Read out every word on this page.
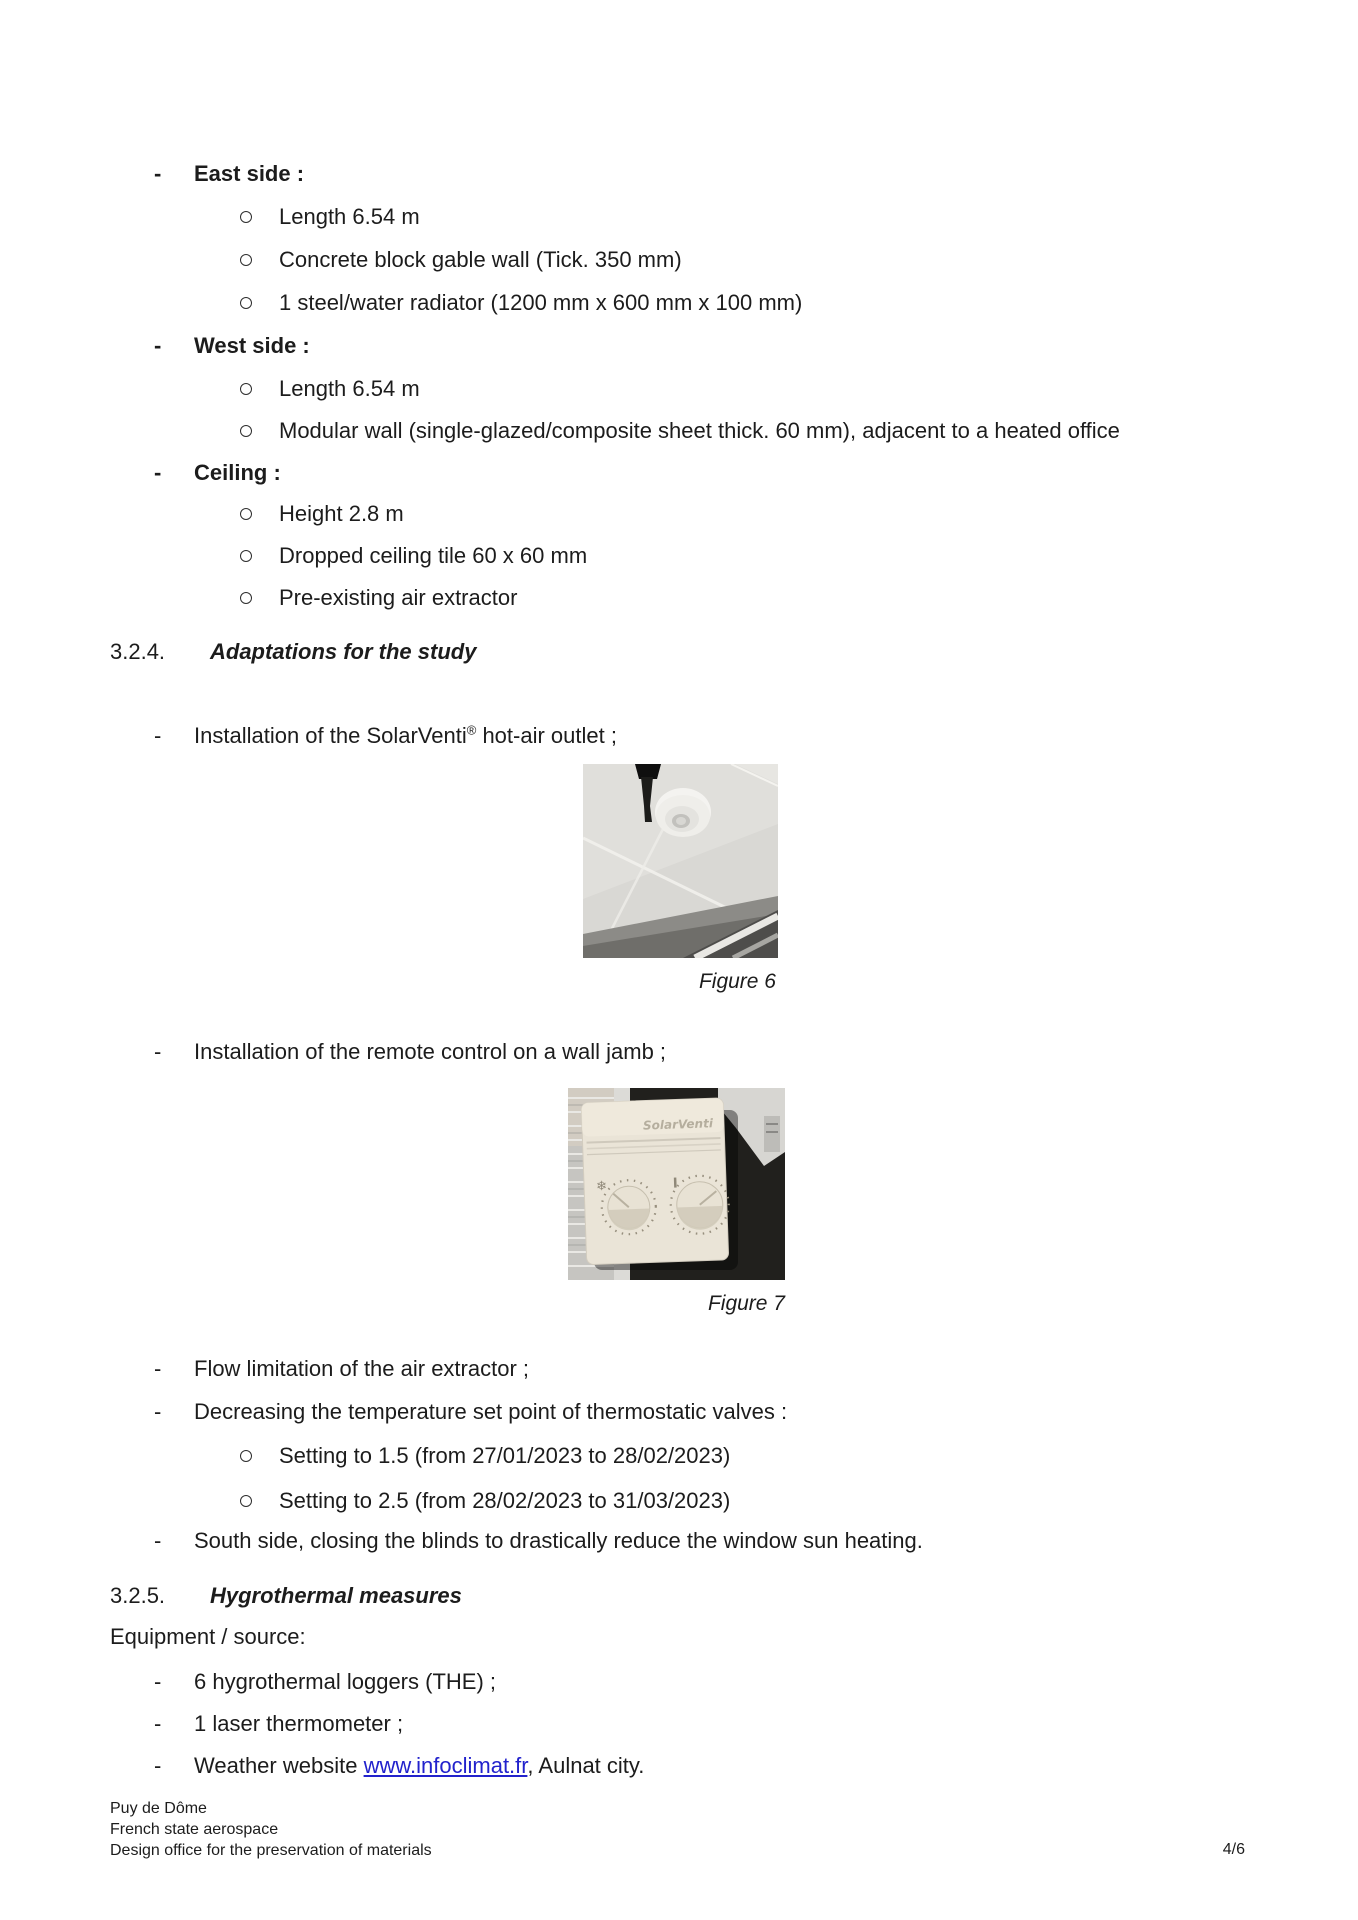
- East side :
Length 6.54 m
Concrete block gable wall (Tick. 350 mm)
1 steel/water radiator (1200 mm x 600 mm x 100 mm)
- West side :
Length 6.54 m
Modular wall (single-glazed/composite sheet thick. 60 mm), adjacent to a heated office
- Ceiling :
Height 2.8 m
Dropped ceiling tile 60 x 60 mm
Pre-existing air extractor
3.2.4. Adaptations for the study
- Installation of the SolarVenti® hot-air outlet ;
Figure 6
- Installation of the remote control on a wall jamb ;
SolarVenti
❄
Figure 7
- Flow limitation of the air extractor ;
- Decreasing the temperature set point of thermostatic valves :
Setting to 1.5 (from 27/01/2023 to 28/02/2023)
Setting to 2.5 (from 28/02/2023 to 31/03/2023)
- South side, closing the blinds to drastically reduce the window sun heating.
3.2.5. Hygrothermal measures
Equipment / source:
- 6 hygrothermal loggers (THE) ;
- 1 laser thermometer ;
- Weather website www.infoclimat.fr, Aulnat city.
Puy de Dôme
French state aerospace
Design office for the preservation of materials	4/6
